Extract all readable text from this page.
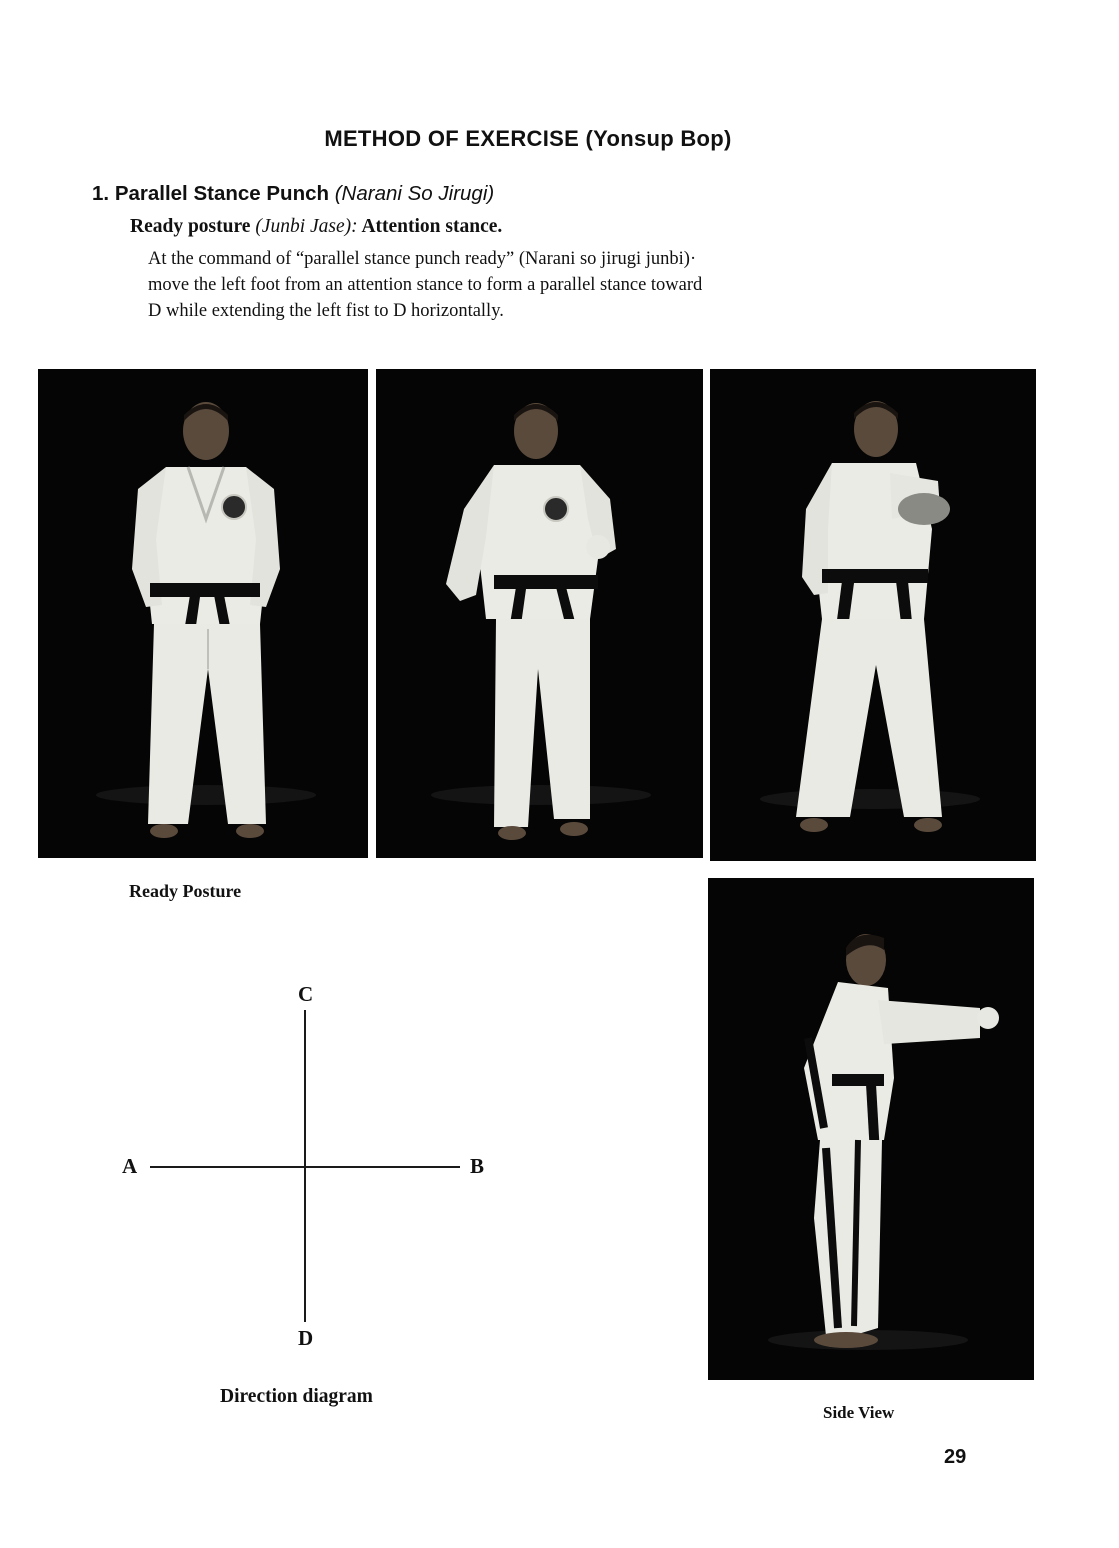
METHOD OF EXERCISE (Yonsup Bop)
1. Parallel Stance Punch (Narani So Jirugi)
Ready posture (Junbi Jase): Attention stance.
At the command of “parallel stance punch ready” (Narani so jirugi junbi)·
move the left foot from an attention stance to form a parallel stance toward
D while extending the left fist to D horizontally.
Ready Posture
C
A	B
D
Direction diagram
Side View
29
